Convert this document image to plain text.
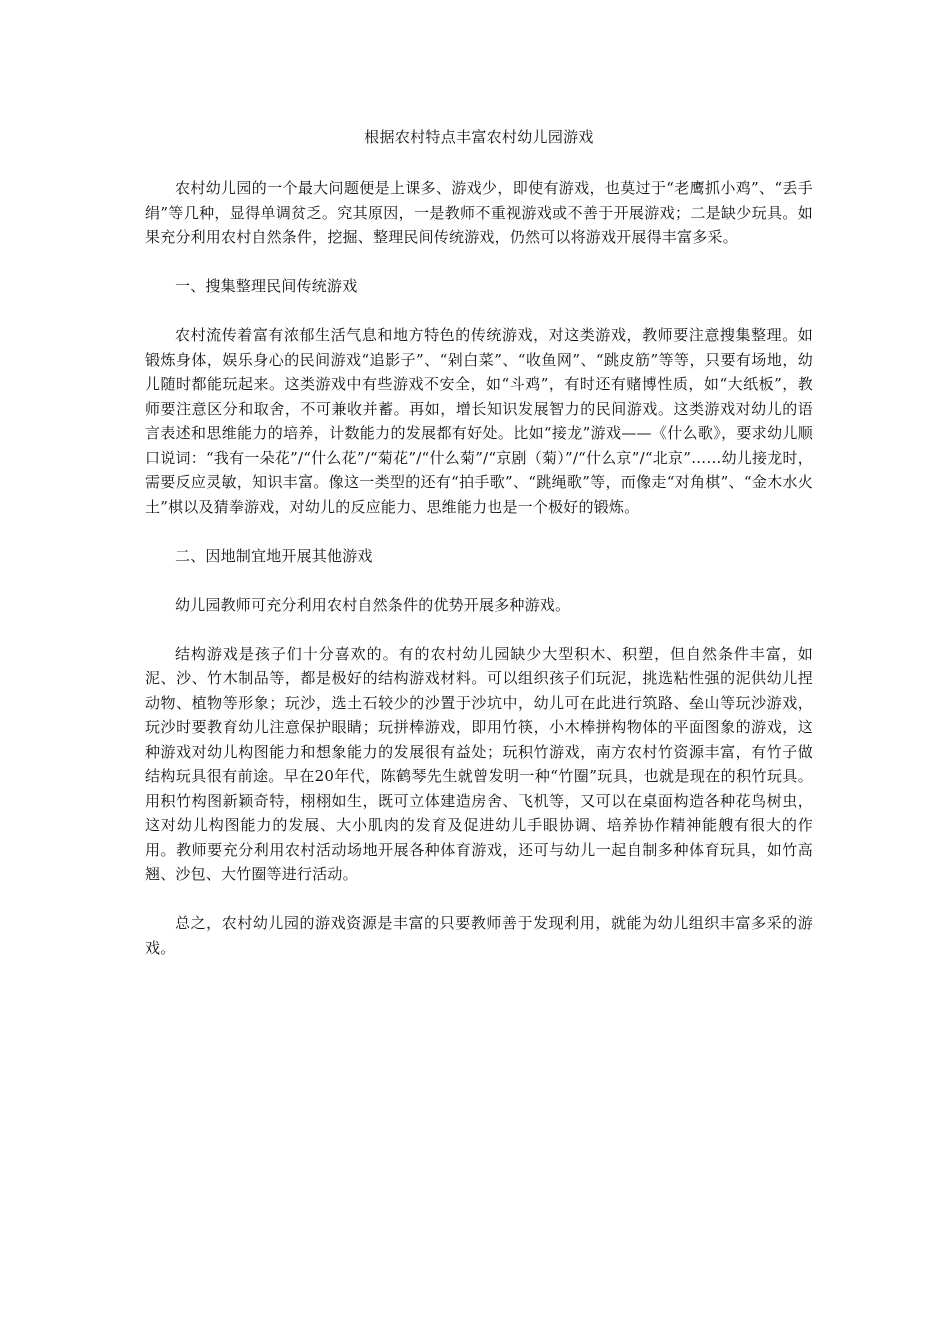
根据农村特点丰富农村幼儿园游戏

农村幼儿园的一个最大问题便是上课多、游戏少，即使有游戏，也莫过于“老鹰抓小鸡”、“丢手绢”等几种，显得单调贫乏。究其原因，一是教师不重视游戏或不善于开展游戏；二是缺少玩具。如果充分利用农村自然条件，挖掘、整理民间传统游戏，仍然可以将游戏开展得丰富多采。

一、搜集整理民间传统游戏

农村流传着富有浓郁生活气息和地方特色的传统游戏，对这类游戏，教师要注意搜集整理。如锻炼身体，娱乐身心的民间游戏“追影子”、“剁白菜”、“收鱼网”、“跳皮筋”等等，只要有场地，幼儿随时都能玩起来。这类游戏中有些游戏不安全，如“斗鸡”，有时还有赌博性质，如“大纸板”，教师要注意区分和取舍，不可兼收并蓄。再如，增长知识发展智力的民间游戏。这类游戏对幼儿的语言表述和思维能力的培养，计数能力的发展都有好处。比如“接龙”游戏——《什么歌》，要求幼儿顺口说词：“我有一朵花”/“什么花”/“菊花”/“什么菊”/“京剧（菊）”/“什么京”/“北京”……幼儿接龙时，需要反应灵敏，知识丰富。像这一类型的还有“拍手歌”、“跳绳歌”等，而像走“对角棋”、“金木水火土”棋以及猜拳游戏，对幼儿的反应能力、思维能力也是一个极好的锻炼。

二、因地制宜地开展其他游戏

幼儿园教师可充分利用农村自然条件的优势开展多种游戏。

结构游戏是孩子们十分喜欢的。有的农村幼儿园缺少大型积木、积塑，但自然条件丰富，如泥、沙、竹木制品等，都是极好的结构游戏材料。可以组织孩子们玩泥，挑选粘性强的泥供幼儿捏动物、植物等形象；玩沙，选土石较少的沙置于沙坑中，幼儿可在此进行筑路、垒山等玩沙游戏，玩沙时要教育幼儿注意保护眼睛；玩拼棒游戏，即用竹筷，小木棒拼构物体的平面图象的游戏，这种游戏对幼儿构图能力和想象能力的发展很有益处；玩积竹游戏，南方农村竹资源丰富，有竹子做结构玩具很有前途。早在20年代，陈鹤琴先生就曾发明一种“竹圈”玩具，也就是现在的积竹玩具。用积竹构图新颖奇特，栩栩如生，既可立体建造房舍、飞机等，又可以在桌面构造各种花鸟树虫，这对幼儿构图能力的发展、大小肌肉的发育及促进幼儿手眼协调、培养协作精神能艘有很大的作用。教师要充分利用农村活动场地开展各种体育游戏，还可与幼儿一起自制多种体育玩具，如竹高翘、沙包、大竹圈等进行活动。

总之，农村幼儿园的游戏资源是丰富的只要教师善于发现利用，就能为幼儿组织丰富多采的游戏。
